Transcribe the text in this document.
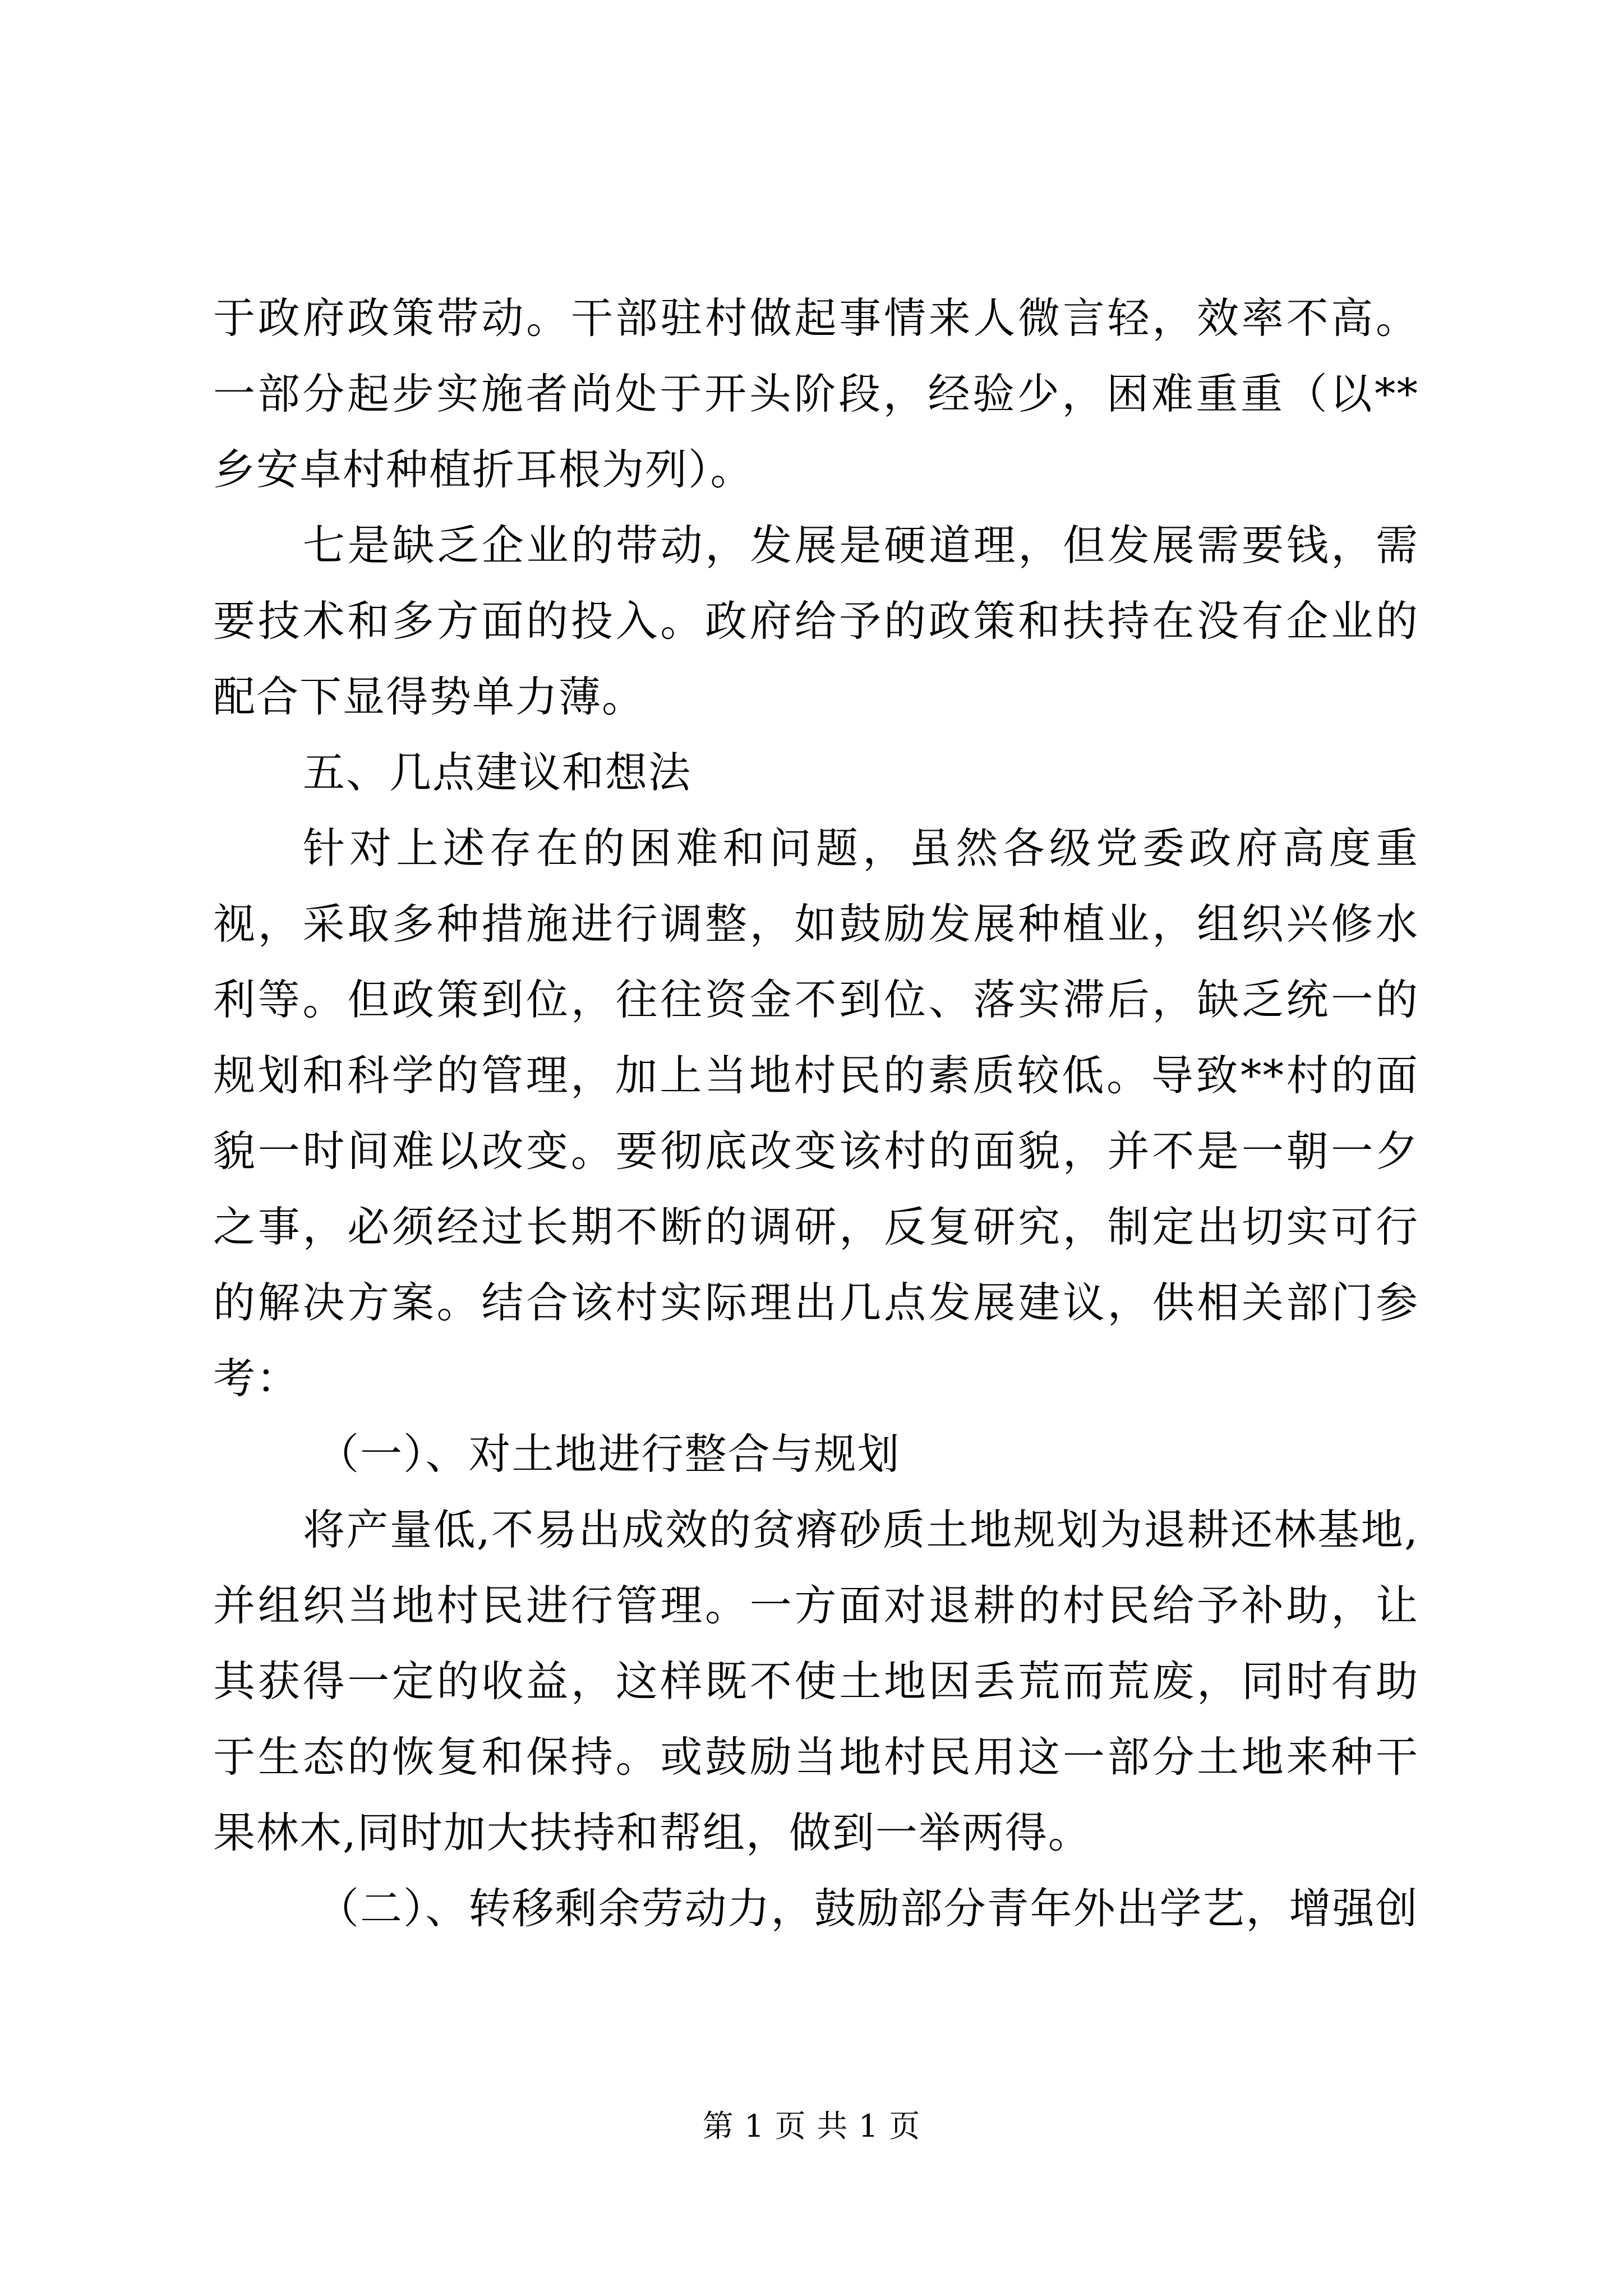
于政府政策带动。干部驻村做起事情来人微言轻，效率不高。一部分起步实施者尚处于开头阶段，经验少，困难重重（以**乡安卓村种植折耳根为列）。

七是缺乏企业的带动，发展是硬道理，但发展需要钱，需要技术和多方面的投入。政府给予的政策和扶持在没有企业的配合下显得势单力薄。

五、几点建议和想法

针对上述存在的困难和问题，虽然各级党委政府高度重视，采取多种措施进行调整，如鼓励发展种植业，组织兴修水利等。但政策到位，往往资金不到位、落实滞后，缺乏统一的规划和科学的管理，加上当地村民的素质较低。导致**村的面貌一时间难以改变。要彻底改变该村的面貌，并不是一朝一夕之事，必须经过长期不断的调研，反复研究，制定出切实可行的解决方案。结合该村实际理出几点发展建议，供相关部门参考：

（一）、对土地进行整合与规划

将产量低,不易出成效的贫瘠砂质土地规划为退耕还林基地,并组织当地村民进行管理。一方面对退耕的村民给予补助，让其获得一定的收益，这样既不使土地因丢荒而荒废，同时有助于生态的恢复和保持。或鼓励当地村民用这一部分土地来种干果林木,同时加大扶持和帮组，做到一举两得。

（二）、转移剩余劳动力，鼓励部分青年外出学艺，增强创

第 1 页 共 1 页
